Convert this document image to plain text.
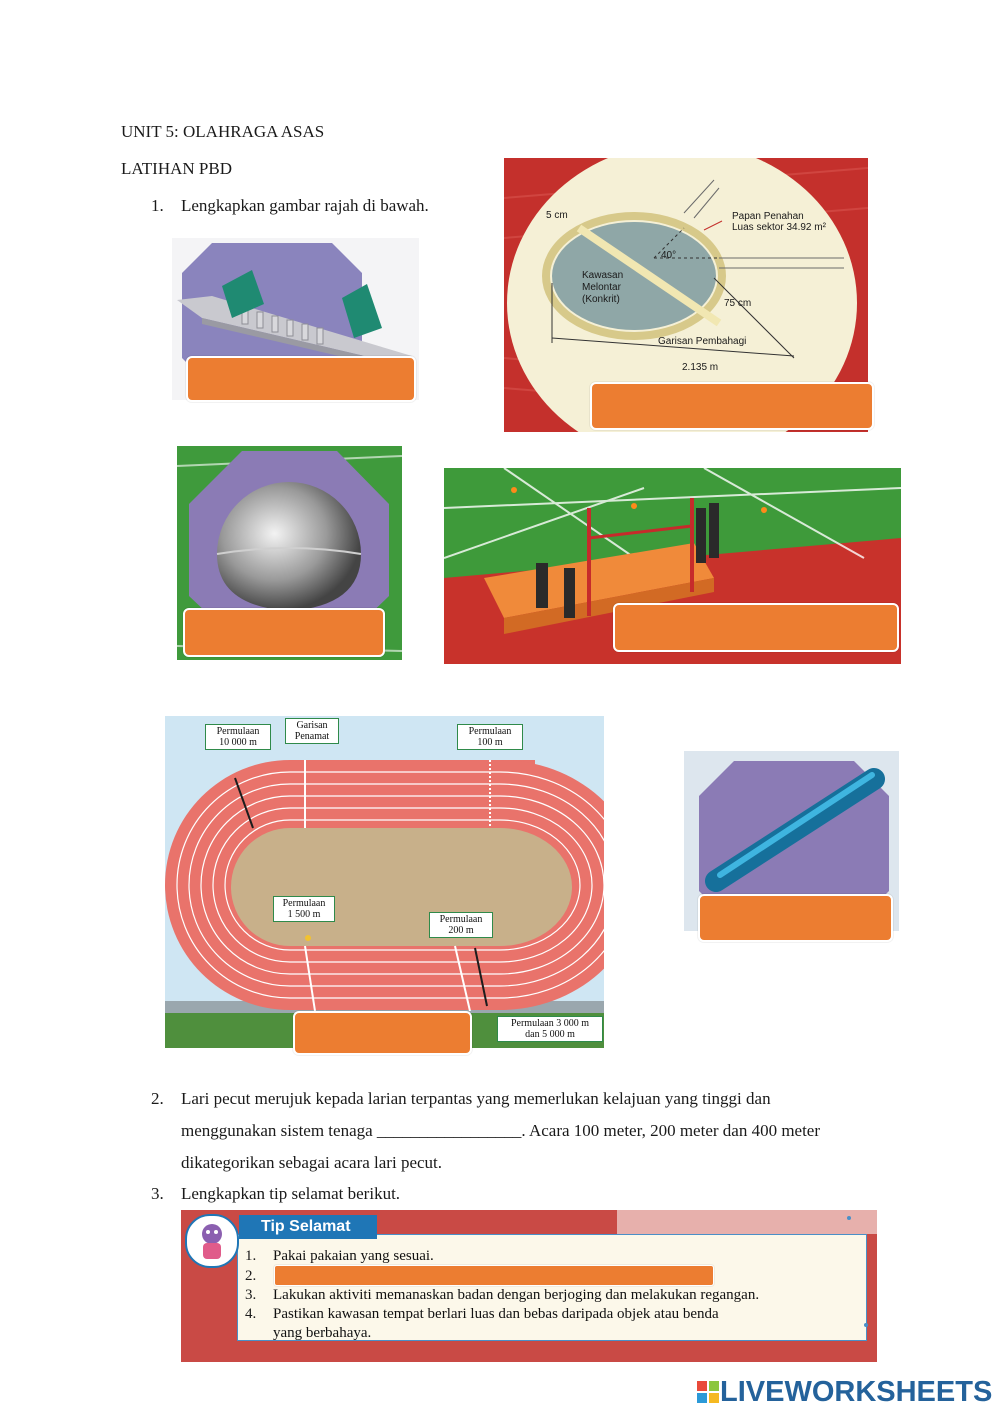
UNIT 5: OLAHRAGA ASAS
LATIHAN PBD
1. Lengkapkan gambar rajah di bawah.
5 cm	Papan Penahan
Luas sektor 34.92 m²
40°
Kawasan
Melontar
(Konkrit)	75 cm
Garisan Pembahagi
2.135 m
Permulaan
10 000 m
Garisan
Penamat	Permulaan
100 m
Permulaan
1 500 m	Permulaan
200 m
Permulaan 3 000 m
dan 5 000 m
2. Lari pecut merujuk kepada larian terpantas yang memerlukan kelajuan yang tinggi dan
menggunakan sistem tenaga _________________. Acara 100 meter, 200 meter dan 400 meter
dikategorikan sebagai acara lari pecut.
3. Lengkapkan tip selamat berikut.
Tip Selamat
1. Pakai pakaian yang sesuai.
2.
3. Lakukan aktiviti memanaskan badan dengan berjoging dan melakukan regangan.
4. Pastikan kawasan tempat berlari luas dan bebas daripada objek atau benda
yang berbahaya.
LIVEWORKSHEETS
